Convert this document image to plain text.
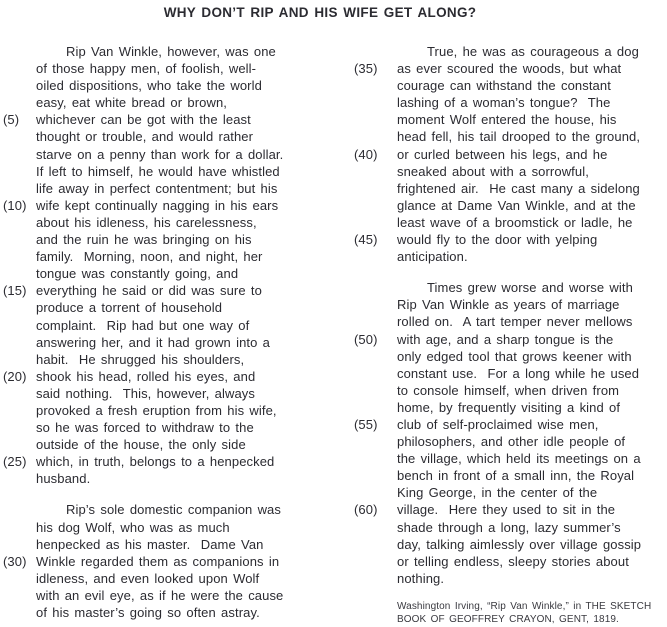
WHY DON’T RIP AND HIS WIFE GET ALONG?
Rip Van Winkle, however, was one
of those happy men, of foolish, well-
oiled dispositions, who take the world
easy, eat white bread or brown,
(5)	whichever can be got with the least
thought or trouble, and would rather
starve on a penny than work for a dollar.
If left to himself, he would have whistled
life away in perfect contentment; but his
(10) wife kept continually nagging in his ears
about his idleness, his carelessness,
and the ruin he was bringing on his
family.  Morning, noon, and night, her
tongue was constantly going, and
(15) everything he said or did was sure to
produce a torrent of household
complaint.  Rip had but one way of
answering her, and it had grown into a
habit.  He shrugged his shoulders,
(20) shook his head, rolled his eyes, and
said nothing.  This, however, always
provoked a fresh eruption from his wife,
so he was forced to withdraw to the
outside of the house, the only side
(25) which, in truth, belongs to a henpecked
husband.
Rip’s sole domestic companion was
his dog Wolf, who was as much
henpecked as his master.  Dame Van
(30) Winkle regarded them as companions in
idleness, and even looked upon Wolf
with an evil eye, as if he were the cause
of his master’s going so often astray.
True, he was as courageous a dog
(35)	as ever scoured the woods, but what
courage can withstand the constant
lashing of a woman’s tongue?  The
moment Wolf entered the house, his
head fell, his tail drooped to the ground,
(40)	or curled between his legs, and he
sneaked about with a sorrowful,
frightened air.  He cast many a sidelong
glance at Dame Van Winkle, and at the
least wave of a broomstick or ladle, he
(45)	would fly to the door with yelping
anticipation.
Times grew worse and worse with
Rip Van Winkle as years of marriage
rolled on.  A tart temper never mellows
(50)	with age, and a sharp tongue is the
only edged tool that grows keener with
constant use.  For a long while he used
to console himself, when driven from
home, by frequently visiting a kind of
(55)	club of self-proclaimed wise men,
philosophers, and other idle people of
the village, which held its meetings on a
bench in front of a small inn, the Royal
King George, in the center of the
(60)	village.  Here they used to sit in the
shade through a long, lazy summer’s
day, talking aimlessly over village gossip
or telling endless, sleepy stories about
nothing.
Washington Irving, “Rip Van Winkle,” in THE SKETCH
BOOK OF GEOFFREY CRAYON, GENT, 1819.
